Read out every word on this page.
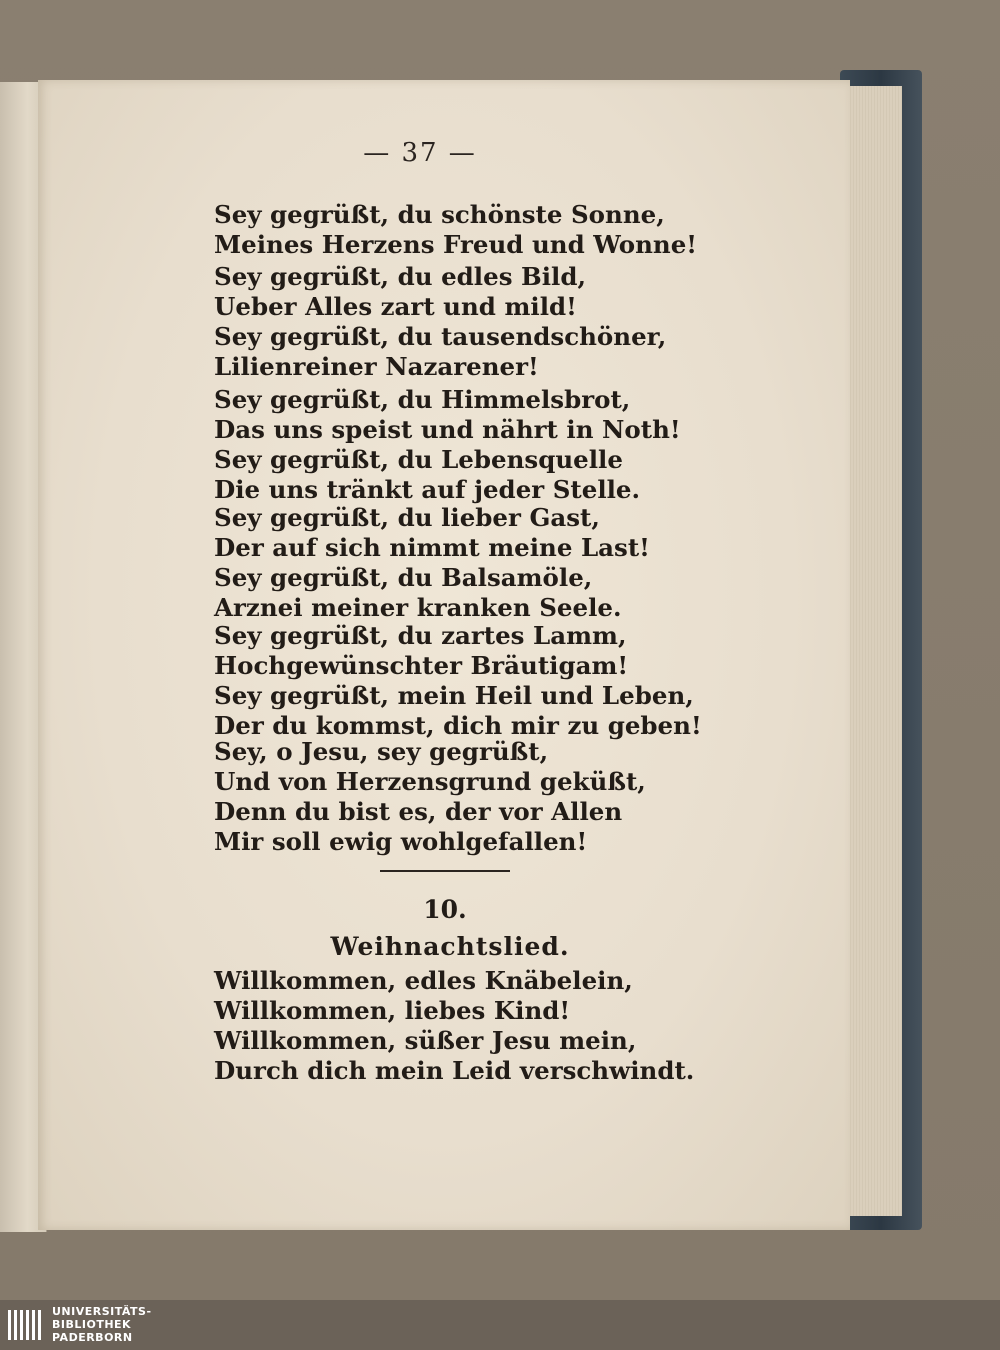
— 37 —
Sey gegrüßt, du schönste Sonne,
Meines Herzens Freud und Wonne!
Sey gegrüßt, du edles Bild,
Ueber Alles zart und mild!
Sey gegrüßt, du tausendschöner,
Lilienreiner Nazarener!
Sey gegrüßt, du Himmelsbrot,
Das uns speist und nährt in Noth!
Sey gegrüßt, du Lebensquelle
Die uns tränkt auf jeder Stelle.
Sey gegrüßt, du lieber Gast,
Der auf sich nimmt meine Last!
Sey gegrüßt, du Balsamöle,
Arznei meiner kranken Seele.
Sey gegrüßt, du zartes Lamm,
Hochgewünschter Bräutigam!
Sey gegrüßt, mein Heil und Leben,
Der du kommst, dich mir zu geben!
Sey, o Jesu, sey gegrüßt,
Und von Herzensgrund geküßt,
Denn du bist es, der vor Allen
Mir soll ewig wohlgefallen!
10.
Weihnachtslied.
Willkommen, edles Knäbelein,
Willkommen, liebes Kind!
Willkommen, süßer Jesu mein,
Durch dich mein Leid verschwindt.
UNIVERSITÄTS-
BIBLIOTHEK
PADERBORN
